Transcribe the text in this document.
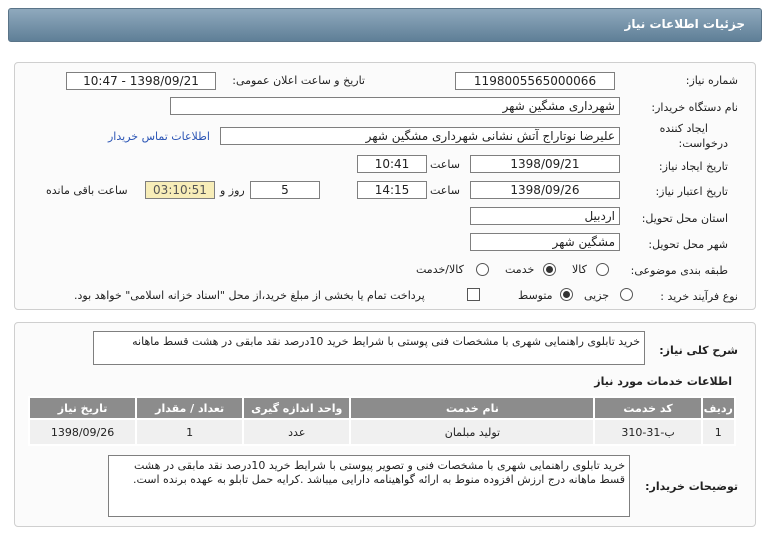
جزئیات اطلاعات نیاز
شماره نیاز:
1198005565000066
تاریخ و ساعت اعلان عمومی:
1398/09/21 - 10:47
نام دستگاه خریدار:
شهرداری مشگین شهر
ایجاد کننده
درخواست:
علیرضا نوتاراج آتش نشانی شهرداری مشگین شهر
اطلاعات تماس خریدار
تاریخ ایجاد نیاز:
1398/09/21
ساعت
10:41
تاریخ اعتبار نیاز:
1398/09/26
ساعت
14:15
5
روز و
03:10:51
ساعت باقی مانده
استان محل تحویل:
اردبیل
شهر محل تحویل:
مشگین شهر
طبقه بندی موضوعی:
کالا
خدمت
کالا/خدمت
نوع فرآیند خرید :
جزیی
متوسط
پرداخت تمام یا بخشی از مبلغ خرید،از محل "اسناد خزانه اسلامی" خواهد بود.
شرح کلی نیاز:
خرید تابلوی راهنمایی شهری با مشخصات فنی پوستی با شرایط خرید 10درصد نقد مابقی در هشت قسط ماهانه
اطلاعات خدمات مورد نیاز
ردیف	کد خدمت	نام خدمت	واحد اندازه گیری	تعداد / مقدار	تاریخ نیاز
1	ب-31-310	تولید مبلمان	عدد	1	1398/09/26
توضیحات خریدار:
خرید تابلوی راهنمایی شهری با مشخصات فنی و تصویر پیوستی با شرایط خرید 10درصد نقد مابقی در هشت قسط ماهانه درج ارزش افزوده منوط به ارائه گواهینامه دارایی میباشد .کرایه حمل تابلو به عهده برنده است.
